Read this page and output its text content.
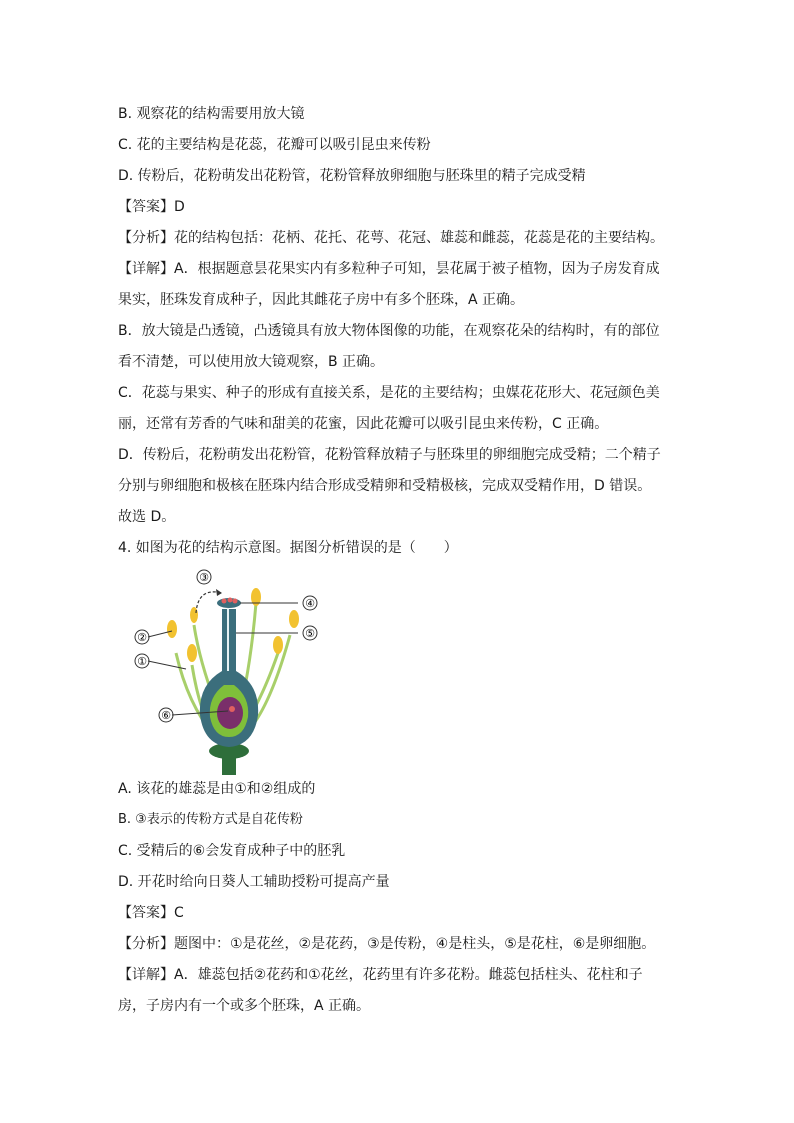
B. 观察花的结构需要用放大镜
C. 花的主要结构是花蕊，花瓣可以吸引昆虫来传粉
D. 传粉后，花粉萌发出花粉管，花粉管释放卵细胞与胚珠里的精子完成受精
【答案】D
【分析】花的结构包括：花柄、花托、花萼、花冠、雄蕊和雌蕊，花蕊是花的主要结构。
【详解】A．根据题意昙花果实内有多粒种子可知，昙花属于被子植物，因为子房发育成
果实，胚珠发育成种子，因此其雌花子房中有多个胚珠，A 正确。
B．放大镜是凸透镜，凸透镜具有放大物体图像的功能，在观察花朵的结构时，有的部位
看不清楚，可以使用放大镜观察，B 正确。
C．花蕊与果实、种子的形成有直接关系，是花的主要结构；虫媒花花形大、花冠颜色美
丽，还常有芳香的气味和甜美的花蜜，因此花瓣可以吸引昆虫来传粉，C 正确。
D．传粉后，花粉萌发出花粉管，花粉管释放精子与胚珠里的卵细胞完成受精；二个精子
分别与卵细胞和极核在胚珠内结合形成受精卵和受精极核，完成双受精作用，D 错误。
故选 D。
4. 如图为花的结构示意图。据图分析错误的是（　　）
③
②
①
④
⑤
⑥
A. 该花的雄蕊是由①和②组成的
B. ③表示的传粉方式是自花传粉
C. 受精后的⑥会发育成种子中的胚乳
D. 开花时给向日葵人工辅助授粉可提高产量
【答案】C
【分析】题图中：①是花丝，②是花药，③是传粉，④是柱头，⑤是花柱，⑥是卵细胞。
【详解】A．雄蕊包括②花药和①花丝，花药里有许多花粉。雌蕊包括柱头、花柱和子
房，子房内有一个或多个胚珠，A 正确。
